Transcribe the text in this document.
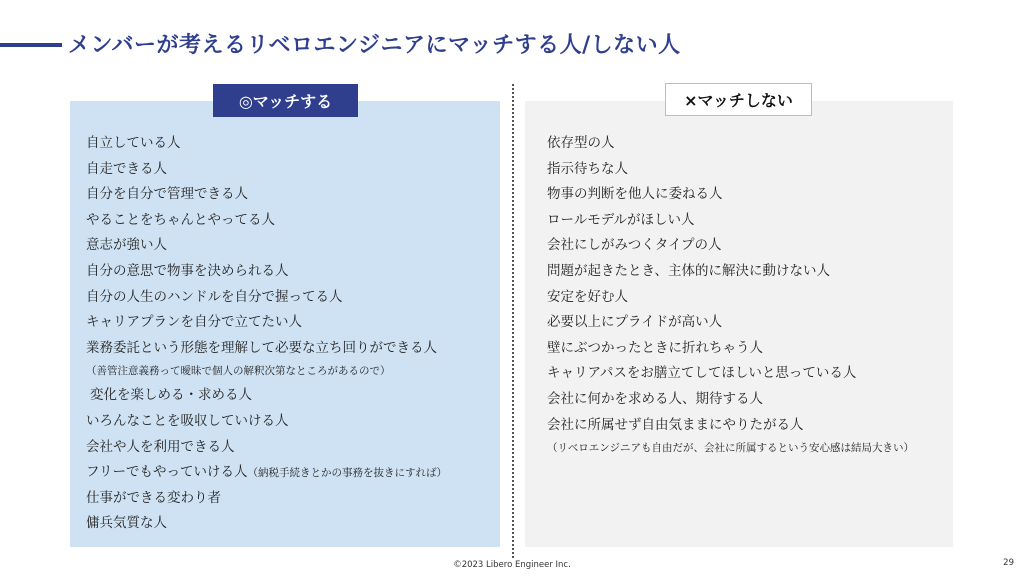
メンバーが考えるリベロエンジニアにマッチする人/しない人
◎マッチする	×マッチしない
自立している人
自走できる人
自分を自分で管理できる人
やることをちゃんとやってる人
意志が強い人
自分の意思で物事を決められる人
自分の人生のハンドルを自分で握ってる人
キャリアプランを自分で立てたい人
業務委託という形態を理解して必要な立ち回りができる人
（善管注意義務って曖昧で個人の解釈次第なところがあるので）
変化を楽しめる・求める人
いろんなことを吸収していける人
会社や人を利用できる人
フリーでもやっていける人（納税手続きとかの事務を抜きにすれば）
仕事ができる変わり者
傭兵気質な人
依存型の人
指示待ちな人
物事の判断を他人に委ねる人
ロールモデルがほしい人
会社にしがみつくタイプの人
問題が起きたとき、主体的に解決に動けない人
安定を好む人
必要以上にプライドが高い人
壁にぶつかったときに折れちゃう人
キャリアパスをお膳立てしてほしいと思っている人
会社に何かを求める人、期待する人
会社に所属せず自由気ままにやりたがる人
（リベロエンジニアも自由だが、会社に所属するという安心感は結局大きい）
©2023 Libero Engineer Inc.	29
